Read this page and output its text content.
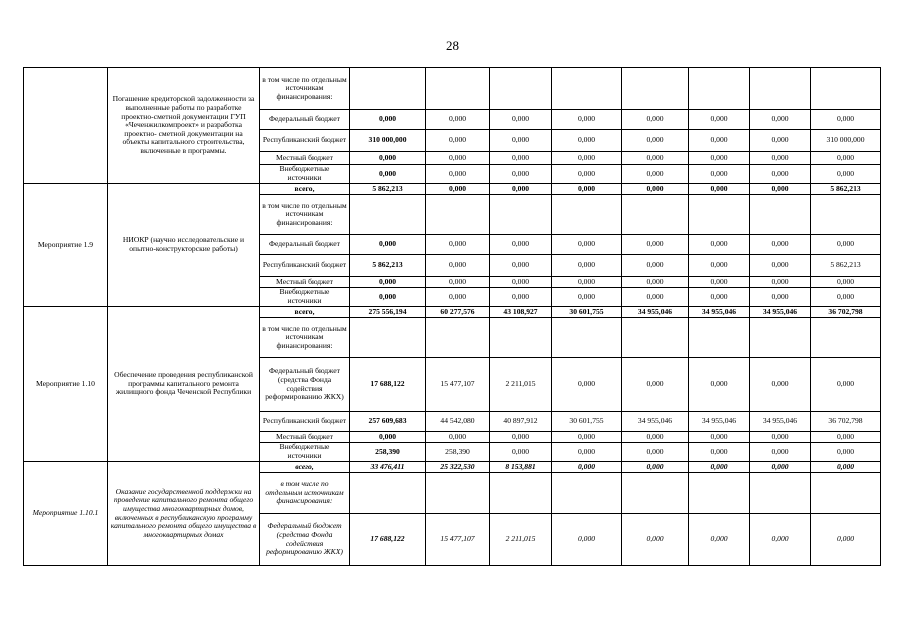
28
	Погашение кредиторской задолженности за выполненные работы по разработке проектно-сметной документации ГУП «Чеченжилкомпроект» и разработка проектно- сметной документации на объекты капитального строительства, включенные в программы.	в том числе по отдельным источникам финансирования:								
		Федеральный бюджет	0,000	0,000	0,000	0,000	0,000	0,000	0,000	0,000
		Республиканский бюджет	310 000,000	0,000	0,000	0,000	0,000	0,000	0,000	310 000,000
		Местный бюджет	0,000	0,000	0,000	0,000	0,000	0,000	0,000	0,000
		Внебюджетные источники	0,000	0,000	0,000	0,000	0,000	0,000	0,000	0,000
Мероприятие 1.9	НИОКР (научно исследовательские и опытно-конструкторские работы)	всего,	5 862,213	0,000	0,000	0,000	0,000	0,000	0,000	5 862,213
		в том числе по отдельным источникам финансирования:								
		Федеральный бюджет	0,000	0,000	0,000	0,000	0,000	0,000	0,000	0,000
		Республиканский бюджет	5 862,213	0,000	0,000	0,000	0,000	0,000	0,000	5 862,213
		Местный бюджет	0,000	0,000	0,000	0,000	0,000	0,000	0,000	0,000
		Внебюджетные источники	0,000	0,000	0,000	0,000	0,000	0,000	0,000	0,000
Мероприятие 1.10	Обеспечение проведения республиканской программы капитального ремонта жилищного фонда Чеченской Республики	всего,	275 556,194	60 277,576	43 108,927	30 601,755	34 955,046	34 955,046	34 955,046	36 702,798
		в том числе по отдельным источникам финансирования:								
		Федеральный бюджет (средства Фонда содействия реформированию ЖКХ)	17 688,122	15 477,107	2 211,015	0,000	0,000	0,000	0,000	0,000
		Республиканский бюджет	257 609,683	44 542,080	40 897,912	30 601,755	34 955,046	34 955,046	34 955,046	36 702,798
		Местный бюджет	0,000	0,000	0,000	0,000	0,000	0,000	0,000	0,000
		Внебюджетные источники	258,390	258,390	0,000	0,000	0,000	0,000	0,000	0,000
Мероприятие 1.10.1	Оказание государственной поддержки на проведение капитального ремонта общего имущества многоквартирных домов, включенных в республиканскую программу капитального ремонта общего имущества в многоквартирных домах	всего,	33 476,411	25 322,530	8 153,881	0,000	0,000	0,000	0,000	0,000
		в том числе по отдельным источникам финансирования:								
		Федеральный бюджет (средства Фонда содействия реформированию ЖКХ)	17 688,122	15 477,107	2 211,015	0,000	0,000	0,000	0,000	0,000
